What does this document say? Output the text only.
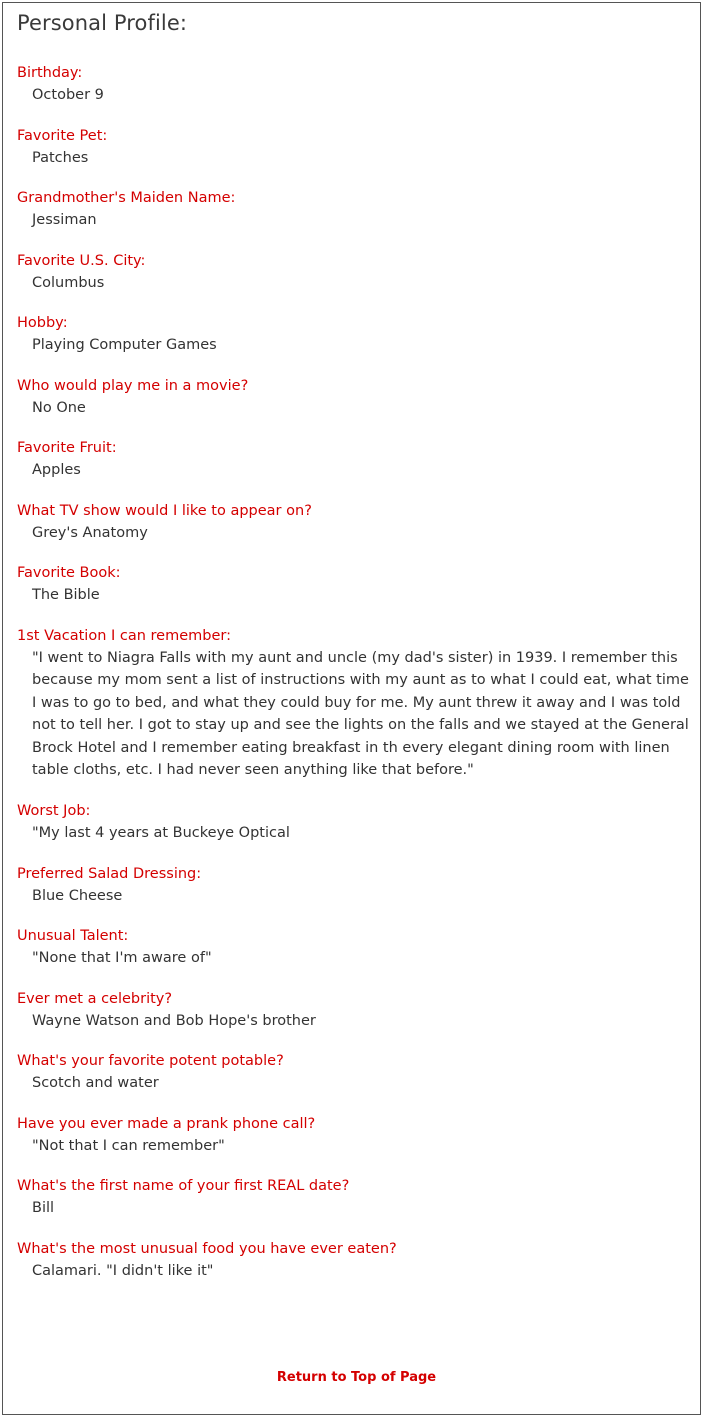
Personal Profile:
Birthday:
October 9
Favorite Pet:
Patches
Grandmother's Maiden Name:
Jessiman
Favorite U.S. City:
Columbus
Hobby:
Playing Computer Games
Who would play me in a movie?
No One
Favorite Fruit:
Apples
What TV show would I like to appear on?
Grey's Anatomy
Favorite Book:
The Bible
1st Vacation I can remember:
"I went to Niagra Falls with my aunt and uncle (my dad's sister) in 1939. I remember this because my mom sent a list of instructions with my aunt as to what I could eat, what time I was to go to bed, and what they could buy for me. My aunt threw it away and I was told not to tell her. I got to stay up and see the lights on the falls and we stayed at the General Brock Hotel and I remember eating breakfast in th every elegant dining room with linen table cloths, etc. I had never seen anything like that before."
Worst Job:
"My last 4 years at Buckeye Optical
Preferred Salad Dressing:
Blue Cheese
Unusual Talent:
"None that I'm aware of"
Ever met a celebrity?
Wayne Watson and Bob Hope's brother
What's your favorite potent potable?
Scotch and water
Have you ever made a prank phone call?
"Not that I can remember"
What's the first name of your first REAL date?
Bill
What's the most unusual food you have ever eaten?
Calamari. "I didn't like it"
Return to Top of Page
